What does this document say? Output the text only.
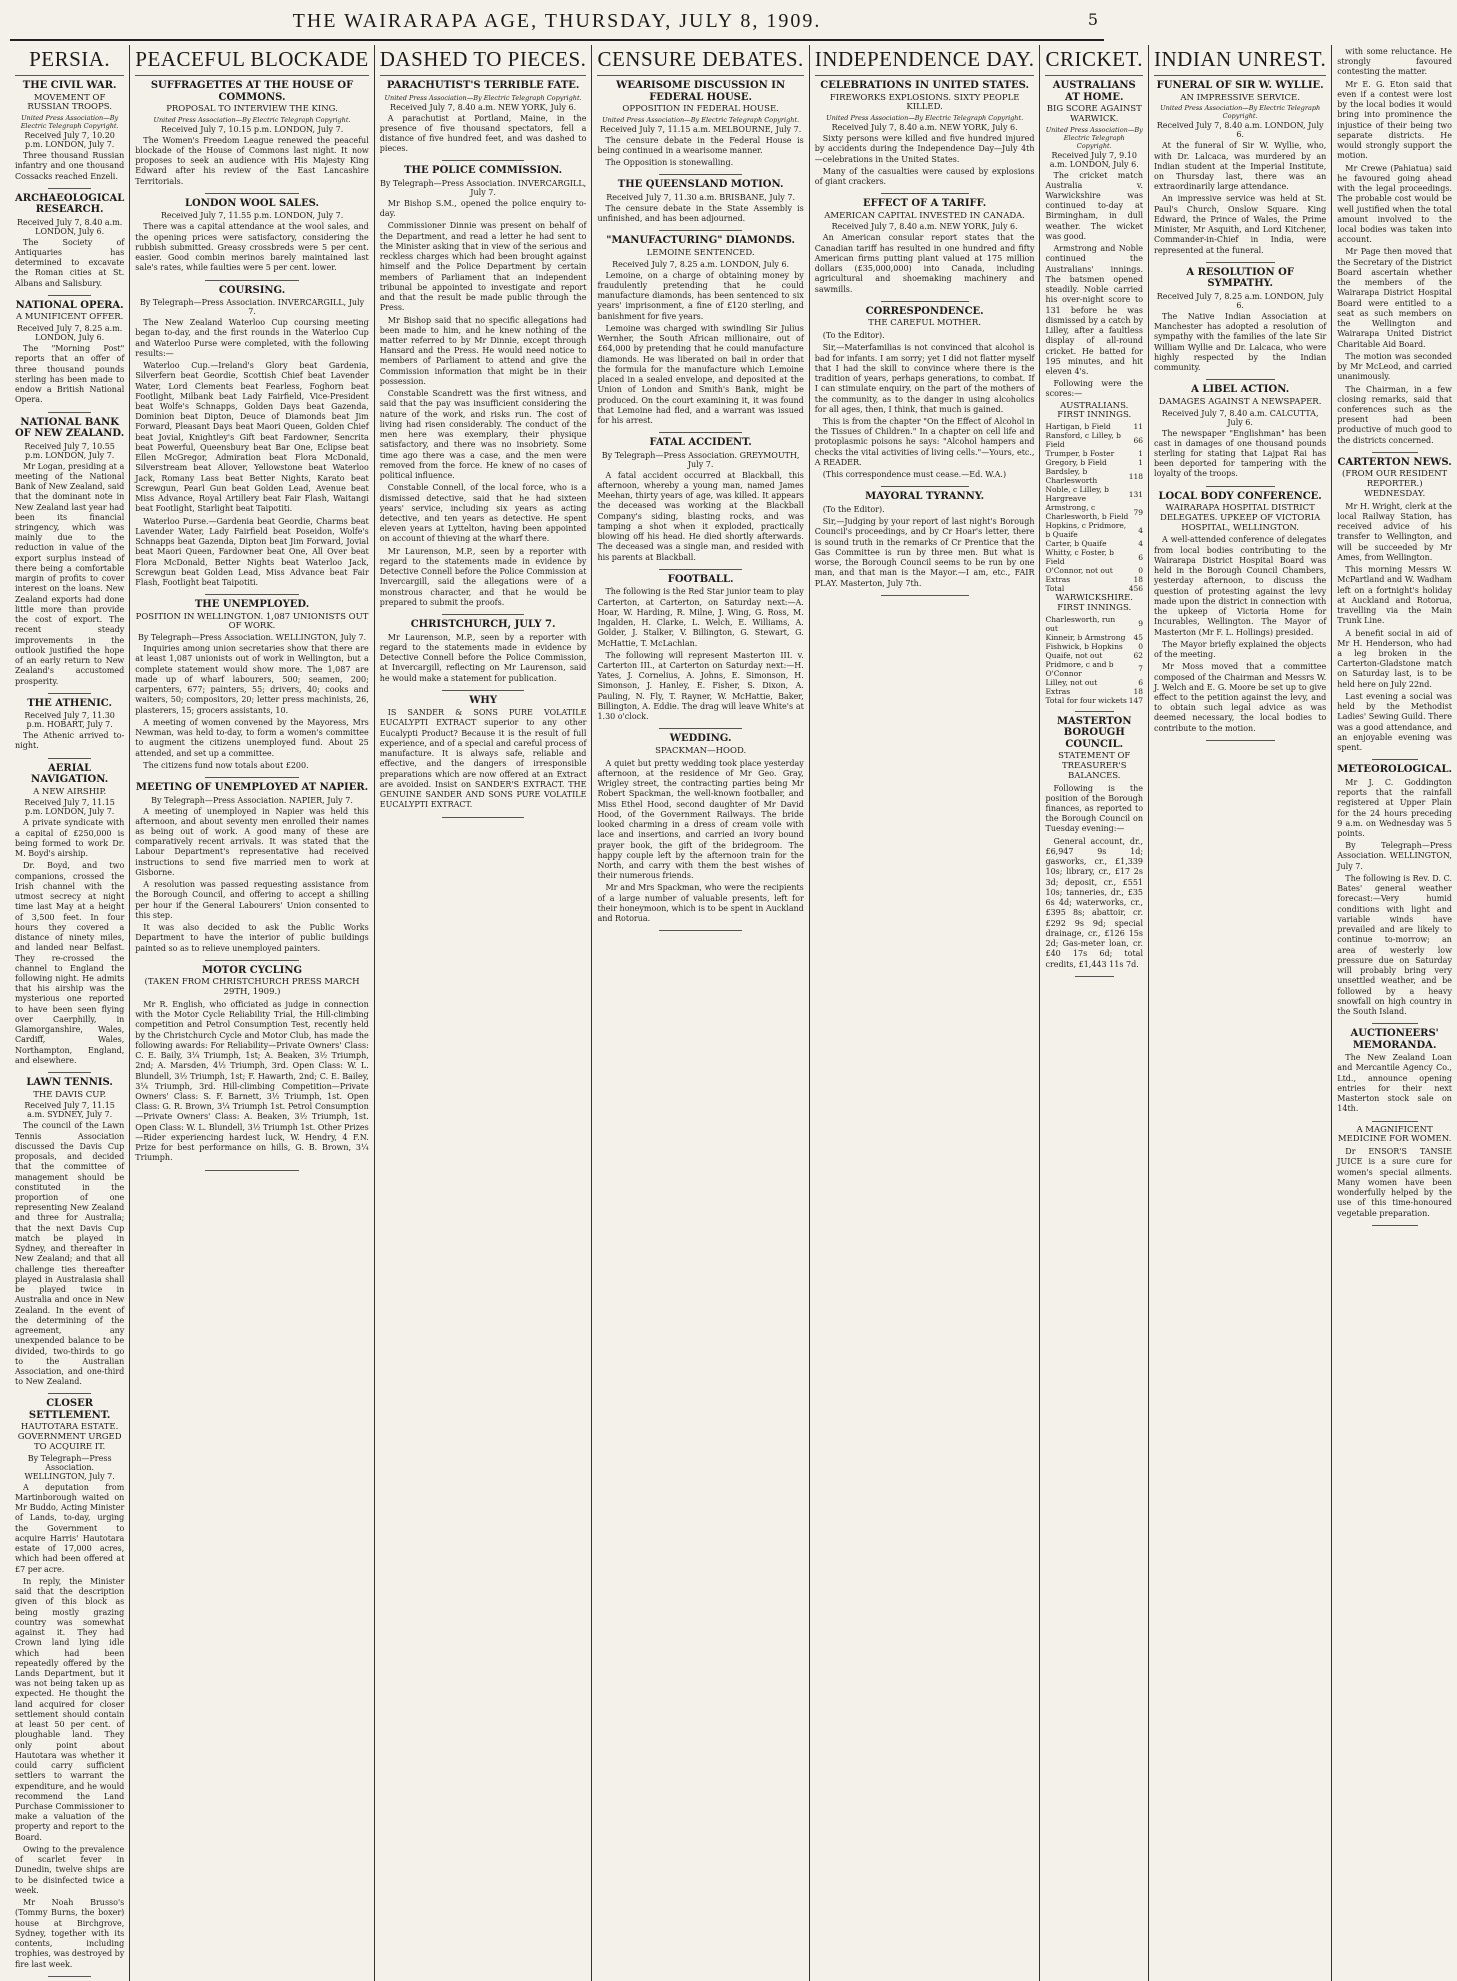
THE WAIRARAPA AGE, THURSDAY, JULY 8, 1909.	5
PERSIA.
THE CIVIL WAR.
MOVEMENT OF RUSSIAN TROOPS.
United Press Association—By Electric Telegraph Copyright.
Received July 7, 10.20 p.m. LONDON, July 7.

Three thousand Russian infantry and one thousand Cossacks reached Enzeli.

ARCHAEOLOGICAL RESEARCH.
Received July 7, 8.40 a.m. LONDON, July 6.

The Society of Antiquaries has determined to excavate the Roman cities at St. Albans and Salisbury.

NATIONAL OPERA.
A MUNIFICENT OFFER.
Received July 7, 8.25 a.m. LONDON, July 6.

The "Morning Post" reports that an offer of three thousand pounds sterling has been made to endow a British National Opera.

NATIONAL BANK OF NEW ZEALAND.
Received July 7, 10.55 p.m. LONDON, July 7.

Mr Logan, presiding at a meeting of the National Bank of New Zealand, said that the dominant note in New Zealand last year had been its financial stringency, which was mainly due to the reduction in value of the export surplus instead of there being a comfortable margin of profits to cover interest on the loans. New Zealand exports had done little more than provide the cost of export. The recent steady improvements in the outlook justified the hope of an early return to New Zealand's accustomed prosperity.

THE ATHENIC.
Received July 7, 11.30 p.m. HOBART, July 7.

The Athenic arrived to-night.

AERIAL NAVIGATION.
A NEW AIRSHIP.
Received July 7, 11.15 p.m. LONDON, July 7.

A private syndicate with a capital of £250,000 is being formed to work Dr. M. Boyd's airship.

Dr. Boyd, and two companions, crossed the Irish channel with the utmost secrecy at night time last May at a height of 3,500 feet. In four hours they covered a distance of ninety miles, and landed near Belfast. They re-crossed the channel to England the following night. He admits that his airship was the mysterious one reported to have been seen flying over Caerphilly, in Glamorganshire, Wales, Cardiff, Wales, Northampton, England, and elsewhere.

LAWN TENNIS.
THE DAVIS CUP.
Received July 7, 11.15 a.m. SYDNEY, July 7.

The council of the Lawn Tennis Association discussed the Davis Cup proposals, and decided that the committee of management should be constituted in the proportion of one representing New Zealand and three for Australia; that the next Davis Cup match be played in Sydney, and thereafter in New Zealand; and that all challenge ties thereafter played in Australasia shall be played twice in Australia and once in New Zealand. In the event of the determining of the agreement, any unexpended balance to be divided, two-thirds to go to the Australian Association, and one-third to New Zealand.

CLOSER SETTLEMENT.
HAUTOTARA ESTATE. GOVERNMENT URGED TO ACQUIRE IT.
By Telegraph—Press Association. WELLINGTON, July 7.

A deputation from Martinborough waited on Mr Buddo, Acting Minister of Lands, to-day, urging the Government to acquire Harris' Hautotara estate of 17,000 acres, which had been offered at £7 per acre.

In reply, the Minister said that the description given of this block as being mostly grazing country was somewhat against it. They had Crown land lying idle which had been repeatedly offered by the Lands Department, but it was not being taken up as expected. He thought the land acquired for closer settlement should contain at least 50 per cent. of ploughable land. They only point about Hautotara was whether it could carry sufficient settlers to warrant the expenditure, and he would recommend the Land Purchase Commissioner to make a valuation of the property and report to the Board.

Owing to the prevalence of scarlet fever in Dunedin, twelve ships are to be disinfected twice a week.

Mr Noah Brusso's (Tommy Burns, the boxer) house at Birchgrove, Sydney, together with its contents, including trophies, was destroyed by fire last week.

PEACEFUL BLOCKADE
SUFFRAGETTES AT THE HOUSE OF COMMONS.
PROPOSAL TO INTERVIEW THE KING.
United Press Association—By Electric Telegraph Copyright.
Received July 7, 10.15 p.m. LONDON, July 7.

The Women's Freedom League renewed the peaceful blockade of the House of Commons last night. It now proposes to seek an audience with His Majesty King Edward after his review of the East Lancashire Territorials.

LONDON WOOL SALES.
Received July 7, 11.55 p.m. LONDON, July 7.

There was a capital attendance at the wool sales, and the opening prices were satisfactory, considering the rubbish submitted. Greasy crossbreds were 5 per cent. easier. Good combin merinos barely maintained last sale's rates, while faulties were 5 per cent. lower.

COURSING.
By Telegraph—Press Association. INVERCARGILL, July 7.

The New Zealand Waterloo Cup coursing meeting began to-day, and the first rounds in the Waterloo Cup and Waterloo Purse were completed, with the following results:—

Waterloo Cup.—Ireland's Glory beat Gardenia, Silverfern beat Geordie, Scottish Chief beat Lavender Water, Lord Clements beat Fearless, Foghorn beat Footlight, Milbank beat Lady Fairfield, Vice-President beat Wolfe's Schnapps, Golden Days beat Gazenda, Dominion beat Dipton, Deuce of Diamonds beat Jim Forward, Pleasant Days beat Maori Queen, Golden Chief beat Jovial, Knightley's Gift beat Fardowner, Sencrita beat Powerful, Queensbury beat Bar One, Eclipse beat Ellen McGregor, Admiration beat Flora McDonald, Silverstream beat Allover, Yellowstone beat Waterloo Jack, Romany Lass beat Better Nights, Karato beat Screwgun, Pearl Gun beat Golden Lead, Avenue beat Miss Advance, Royal Artillery beat Fair Flash, Waitangi beat Footlight, Starlight beat Taipotiti.

Waterloo Purse.—Gardenia beat Geordie, Charms beat Lavender Water, Lady Fairfield beat Poseidon, Wolfe's Schnapps beat Gazenda, Dipton beat Jim Forward, Jovial beat Maori Queen, Fardowner beat One, All Over beat Flora McDonald, Better Nights beat Waterloo Jack, Screwgun beat Golden Lead, Miss Advance beat Fair Flash, Footlight beat Taipotiti.

THE UNEMPLOYED.
POSITION IN WELLINGTON. 1,087 UNIONISTS OUT OF WORK.
By Telegraph—Press Association. WELLINGTON, July 7.

Inquiries among union secretaries show that there are at least 1,087 unionists out of work in Wellington, but a complete statement would show more. The 1,087 are made up of wharf labourers, 500; seamen, 200; carpenters, 677; painters, 55; drivers, 40; cooks and waiters, 50; compositors, 20; letter press machinists, 26, plasterers, 15; grocers assistants, 10.

A meeting of women convened by the Mayoress, Mrs Newman, was held to-day, to form a women's committee to augment the citizens unemployed fund. About 25 attended, and set up a committee.

The citizens fund now totals about £200.

MEETING OF UNEMPLOYED AT NAPIER.
By Telegraph—Press Association. NAPIER, July 7.

A meeting of unemployed in Napier was held this afternoon, and about seventy men enrolled their names as being out of work. A good many of these are comparatively recent arrivals. It was stated that the Labour Department's representative had received instructions to send five married men to work at Gisborne.

A resolution was passed requesting assistance from the Borough Council, and offering to accept a shilling per hour if the General Labourers' Union consented to this step.

It was also decided to ask the Public Works Department to have the interior of public buildings painted so as to relieve unemployed painters.

MOTOR CYCLING
(TAKEN FROM CHRISTCHURCH PRESS MARCH 29TH, 1909.)

Mr R. English, who officiated as judge in connection with the Motor Cycle Reliability Trial, the Hill-climbing competition and Petrol Consumption Test, recently held by the Christchurch Cycle and Motor Club, has made the following awards: For Reliability—Private Owners' Class: C. E. Baily, 3¼ Triumph, 1st; A. Beaken, 3½ Triumph, 2nd; A. Marsden, 4½ Triumph, 3rd. Open Class: W. L. Blundell, 3½ Triumph, 1st; F. Hawarth, 2nd; C. E. Bailey, 3¼ Triumph, 3rd. Hill-climbing Competition—Private Owners' Class: S. F. Barnett, 3½ Triumph, 1st. Open Class: G. R. Brown, 3¼ Triumph 1st. Petrol Consumption—Private Owners' Class: A. Beaken, 3½ Triumph, 1st. Open Class: W. L. Blundell, 3½ Triumph 1st. Other Prizes—Rider experiencing hardest luck, W. Hendry, 4 F.N. Prize for best performance on hills, G. B. Brown, 3¼ Triumph.

DASHED TO PIECES.
PARACHUTIST'S TERRIBLE FATE.
United Press Association—By Electric Telegraph Copyright.
Received July 7, 8.40 a.m. NEW YORK, July 6.

A parachutist at Portland, Maine, in the presence of five thousand spectators, fell a distance of five hundred feet, and was dashed to pieces.

THE POLICE COMMISSION.
By Telegraph—Press Association. INVERCARGILL, July 7.

Mr Bishop S.M., opened the police enquiry to-day.

Commissioner Dinnie was present on behalf of the Department, and read a letter he had sent to the Minister asking that in view of the serious and reckless charges which had been brought against himself and the Police Department by certain members of Parliament that an independent tribunal be appointed to investigate and report and that the result be made public through the Press.

Mr Bishop said that no specific allegations had been made to him, and he knew nothing of the matter referred to by Mr Dinnie, except through Hansard and the Press. He would need notice to members of Parliament to attend and give the Commission information that might be in their possession.

Constable Scandrett was the first witness, and said that the pay was insufficient considering the nature of the work, and risks run. The cost of living had risen considerably. The conduct of the men here was exemplary, their physique satisfactory, and there was no insobriety. Some time ago there was a case, and the men were removed from the force. He knew of no cases of political influence.

Constable Connell, of the local force, who is a dismissed detective, said that he had sixteen years' service, including six years as acting detective, and ten years as detective. He spent eleven years at Lyttelton, having been appointed on account of thieving at the wharf there.

Mr Laurenson, M.P., seen by a reporter with regard to the statements made in evidence by Detective Connell before the Police Commission at Invercargill, said the allegations were of a monstrous character, and that he would be prepared to submit the proofs.

CHRISTCHURCH, JULY 7.

Mr Laurenson, M.P., seen by a reporter with regard to the statements made in evidence by Detective Connell before the Police Commission, at Invercargill, reflecting on Mr Laurenson, said he would make a statement for publication.

WHY

IS SANDER & SONS PURE VOLATILE EUCALYPTI EXTRACT superior to any other Eucalypti Product? Because it is the result of full experience, and of a special and careful process of manufacture. It is always safe, reliable and effective, and the dangers of irresponsible preparations which are now offered at an Extract are avoided. Insist on SANDER'S EXTRACT. THE GENUINE SANDER AND SONS PURE VOLATILE EUCALYPTI EXTRACT.

CENSURE DEBATES.
WEARISOME DISCUSSION IN FEDERAL HOUSE.
OPPOSITION IN FEDERAL HOUSE.
United Press Association—By Electric Telegraph Copyright.
Received July 7, 11.15 a.m. MELBOURNE, July 7.

The censure debate in the Federal House is being continued in a wearisome manner.

The Opposition is stonewalling.

THE QUEENSLAND MOTION.
Received July 7, 11.30 a.m. BRISBANE, July 7.

The censure debate in the State Assembly is unfinished, and has been adjourned.

"MANUFACTURING" DIAMONDS.
LEMOINE SENTENCED.
Received July 7, 8.25 a.m. LONDON, July 6.

Lemoine, on a charge of obtaining money by fraudulently pretending that he could manufacture diamonds, has been sentenced to six years' imprisonment, a fine of £120 sterling, and banishment for five years.

Lemoine was charged with swindling Sir Julius Wernher, the South African millionaire, out of £64,000 by pretending that he could manufacture diamonds. He was liberated on bail in order that the formula for the manufacture which Lemoine placed in a sealed envelope, and deposited at the Union of London and Smith's Bank, might be produced. On the court examining it, it was found that Lemoine had fled, and a warrant was issued for his arrest.

FATAL ACCIDENT.
By Telegraph—Press Association. GREYMOUTH, July 7.

A fatal accident occurred at Blackball, this afternoon, whereby a young man, named James Meehan, thirty years of age, was killed. It appears the deceased was working at the Blackball Company's siding, blasting rocks, and was tamping a shot when it exploded, practically blowing off his head. He died shortly afterwards. The deceased was a single man, and resided with his parents at Blackball.

FOOTBALL.

The following is the Red Star junior team to play Carterton, at Carterton, on Saturday next:—A. Hoar, W. Harding, R. Milne, J. Wing, G. Ross, M. Ingalden, H. Clarke, L. Welch, E. Williams, A. Golder, J. Stalker, V. Billington, G. Stewart, G. McHattie, T. McLachlan.

The following will represent Masterton III. v. Carterton III., at Carterton on Saturday next:—H. Yates, J. Cornelius, A. Johns, E. Simonson, H. Simonson, J. Hanley, E. Fisher, S. Dixon, A. Pauling, N. Fly, T. Rayner, W. McHattie, Baker, Billington, A. Eddie. The drag will leave White's at 1.30 o'clock.

WEDDING.
SPACKMAN—HOOD.

A quiet but pretty wedding took place yesterday afternoon, at the residence of Mr Geo. Gray, Wrigley street, the contracting parties being Mr Robert Spackman, the well-known footballer, and Miss Ethel Hood, second daughter of Mr David Hood, of the Government Railways. The bride looked charming in a dress of cream voile with lace and insertions, and carried an ivory bound prayer book, the gift of the bridegroom. The happy couple left by the afternoon train for the North, and carry with them the best wishes of their numerous friends.

Mr and Mrs Spackman, who were the recipients of a large number of valuable presents, left for their honeymoon, which is to be spent in Auckland and Rotorua.

INDEPENDENCE DAY.
CELEBRATIONS IN UNITED STATES.
FIREWORKS EXPLOSIONS. SIXTY PEOPLE KILLED.
United Press Association—By Electric Telegraph Copyright.
Received July 7, 8.40 a.m. NEW YORK, July 6.

Sixty persons were killed and five hundred injured by accidents during the Independence Day—July 4th—celebrations in the United States.

Many of the casualties were caused by explosions of giant crackers.

EFFECT OF A TARIFF.
AMERICAN CAPITAL INVESTED IN CANADA.
Received July 7, 8.40 a.m. NEW YORK, July 6.

An American consular report states that the Canadian tariff has resulted in one hundred and fifty American firms putting plant valued at 175 million dollars (£35,000,000) into Canada, including agricultural and shoemaking machinery and sawmills.

CORRESPONDENCE.
THE CAREFUL MOTHER.

(To the Editor).

Sir,—Materfamilias is not convinced that alcohol is bad for infants. I am sorry; yet I did not flatter myself that I had the skill to convince where there is the tradition of years, perhaps generations, to combat. If I can stimulate enquiry, on the part of the mothers of the community, as to the danger in using alcoholics for all ages, then, I think, that much is gained.

This is from the chapter "On the Effect of Alcohol in the Tissues of Children." In a chapter on cell life and protoplasmic poisons he says: "Alcohol hampers and checks the vital activities of living cells."—Yours, etc., A READER.

(This correspondence must cease.—Ed. W.A.)

MAYORAL TYRANNY.

(To the Editor).

Sir,—Judging by your report of last night's Borough Council's proceedings, and by Cr Hoar's letter, there is sound truth in the remarks of Cr Prentice that the Gas Committee is run by three men. But what is worse, the Borough Council seems to be run by one man, and that man is the Mayor.—I am, etc., FAIR PLAY. Masterton, July 7th.

CRICKET.
AUSTRALIANS AT HOME.
BIG SCORE AGAINST WARWICK.
United Press Association—By Electric Telegraph Copyright.
Received July 7, 9.10 a.m. LONDON, July 6.

The cricket match Australia v. Warwickshire was continued to-day at Birmingham, in dull weather. The wicket was good.

Armstrong and Noble continued the Australians' innings. The batsmen opened steadily. Noble carried his over-night score to 131 before he was dismissed by a catch by Lilley, after a faultless display of all-round cricket. He batted for 195 minutes, and hit eleven 4's.

Following were the scores:—

AUSTRALIANS. FIRST INNINGS.
Hartigan, b Field	11
Ransford, c Lilley, b Field	66
Trumper, b Foster	1
Gregory, b Field	1
Bardsley, b Charlesworth	118
Noble, c Lilley, b Hargreave	131
Armstrong, c Charlesworth, b Field	79
Hopkins, c Pridmore, b Quaife	4
Carter, b Quaife	4
Whitty, c Foster, b Field	6
O'Connor, not out	0
Extras	18
Total	456
WARWICKSHIRE. FIRST INNINGS.
Charlesworth, run out	9
Kinneir, b Armstrong	45
Fishwick, b Hopkins	0
Quaife, not out	62
Pridmore, c and b O'Connor	7
Lilley, not out	6
Extras	18
Total for four wickets	147
MASTERTON BOROUGH COUNCIL.
STATEMENT OF TREASURER'S BALANCES.

Following is the position of the Borough finances, as reported to the Borough Council on Tuesday evening:—

General account, dr., £6,947 9s 1d; gasworks, cr., £1,339 10s; library, cr., £17 2s 3d; deposit, cr., £551 10s; tanneries, dr., £35 6s 4d; waterworks, cr., £395 8s; abattoir, cr. £292 9s 9d; special drainage, cr., £126 15s 2d; Gas-meter loan, cr. £40 17s 6d; total credits, £1,443 11s 7d.

INDIAN UNREST.
FUNERAL OF SIR W. WYLLIE.
AN IMPRESSIVE SERVICE.
United Press Association—By Electric Telegraph Copyright.
Received July 7, 8.40 a.m. LONDON, July 6.

At the funeral of Sir W. Wyllie, who, with Dr. Lalcaca, was murdered by an Indian student at the Imperial Institute, on Thursday last, there was an extraordinarily large attendance.

An impressive service was held at St. Paul's Church, Onslow Square. King Edward, the Prince of Wales, the Prime Minister, Mr Asquith, and Lord Kitchener, Commander-in-Chief in India, were represented at the funeral.

A RESOLUTION OF SYMPATHY.
Received July 7, 8.25 a.m. LONDON, July 6.

The Native Indian Association at Manchester has adopted a resolution of sympathy with the families of the late Sir William Wyllie and Dr. Lalcaca, who were highly respected by the Indian community.

A LIBEL ACTION.
DAMAGES AGAINST A NEWSPAPER.
Received July 7, 8.40 a.m. CALCUTTA, July 6.

The newspaper "Englishman" has been cast in damages of one thousand pounds sterling for stating that Lajpat Rai has been deported for tampering with the loyalty of the troops.

LOCAL BODY CONFERENCE.
WAIRARAPA HOSPITAL DISTRICT DELEGATES. UPKEEP OF VICTORIA HOSPITAL, WELLINGTON.

A well-attended conference of delegates from local bodies contributing to the Wairarapa District Hospital Board was held in the Borough Council Chambers, yesterday afternoon, to discuss the question of protesting against the levy made upon the district in connection with the upkeep of Victoria Home for Incurables, Wellington. The Mayor of Masterton (Mr F. L. Hollings) presided.

The Mayor briefly explained the objects of the meeting.

Mr Moss moved that a committee composed of the Chairman and Messrs W. J. Welch and E. G. Moore be set up to give effect to the petition against the levy, and to obtain such legal advice as was deemed necessary, the local bodies to contribute to the motion.

with some reluctance. He strongly favoured contesting the matter.

Mr E. G. Eton said that even if a contest were lost by the local bodies it would bring into prominence the injustice of their being two separate districts. He would strongly support the motion.

Mr Crewe (Pahiatua) said he favoured going ahead with the legal proceedings. The probable cost would be well justified when the total amount involved to the local bodies was taken into account.

Mr Page then moved that the Secretary of the District Board ascertain whether the members of the Wairarapa District Hospital Board were entitled to a seat as such members on the Wellington and Wairarapa United District Charitable Aid Board.

The motion was seconded by Mr McLeod, and carried unanimously.

The Chairman, in a few closing remarks, said that conferences such as the present had been productive of much good to the districts concerned.

CARTERTON NEWS.
(FROM OUR RESIDENT REPORTER.) WEDNESDAY.

Mr H. Wright, clerk at the local Railway Station, has received advice of his transfer to Wellington, and will be succeeded by Mr Ames, from Wellington.

This morning Messrs W. McPartland and W. Wadham left on a fortnight's holiday at Auckland and Rotorua, travelling via the Main Trunk Line.

A benefit social in aid of Mr H. Henderson, who had a leg broken in the Carterton-Gladstone match on Saturday last, is to be held here on July 22nd.

Last evening a social was held by the Methodist Ladies' Sewing Guild. There was a good attendance, and an enjoyable evening was spent.

METEOROLOGICAL.

Mr J. C. Goddington reports that the rainfall registered at Upper Plain for the 24 hours preceding 9 a.m. on Wednesday was 5 points.

By Telegraph—Press Association. WELLINGTON, July 7.

The following is Rev. D. C. Bates' general weather forecast:—Very humid conditions with light and variable winds have prevailed and are likely to continue to-morrow; an area of westerly low pressure due on Saturday will probably bring very unsettled weather, and be followed by a heavy snowfall on high country in the South Island.

AUCTIONEERS' MEMORANDA.

The New Zealand Loan and Mercantile Agency Co., Ltd., announce opening entries for their next Masterton stock sale on 14th.

A MAGNIFICENT MEDICINE FOR WOMEN.

Dr ENSOR'S TANSIE JUICE is a sure cure for women's special ailments. Many women have been wonderfully helped by the use of this time-honoured vegetable preparation.
